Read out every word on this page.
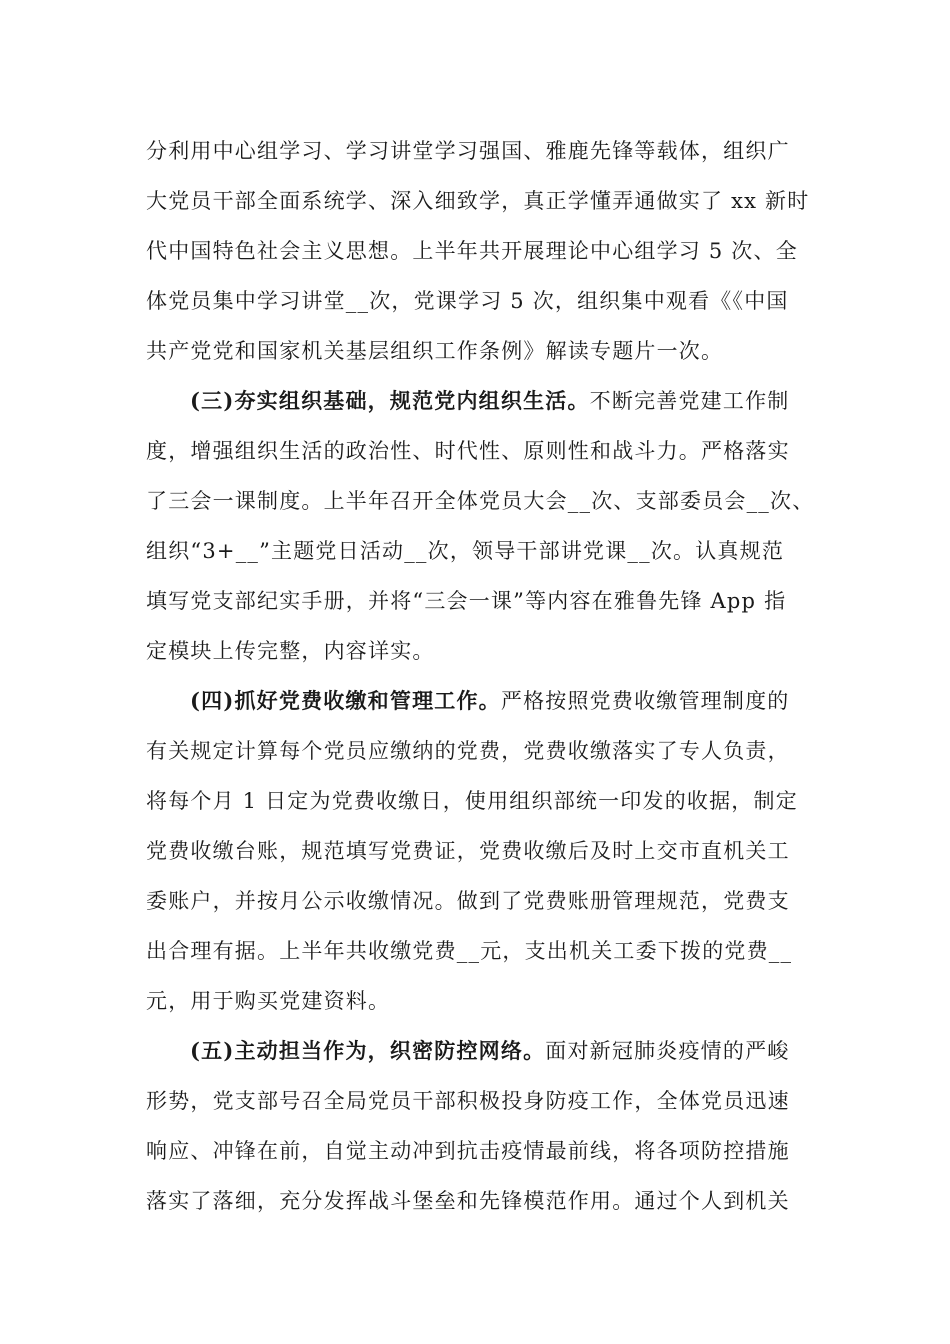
分利用中心组学习、学习讲堂学习强国、雅鹿先锋等载体，组织广
大党员干部全面系统学、深入细致学，真正学懂弄通做实了 xx 新时
代中国特色社会主义思想。上半年共开展理论中心组学习 5 次、全
体党员集中学习讲堂__次，党课学习 5 次，组织集中观看《《中国
共产党党和国家机关基层组织工作条例》解读专题片一次。
(三)夯实组织基础，规范党内组织生活。不断完善党建工作制
度，增强组织生活的政治性、时代性、原则性和战斗力。严格落实
了三会一课制度。上半年召开全体党员大会__次、支部委员会__次、
组织“3+__”主题党日活动__次，领导干部讲党课__次。认真规范
填写党支部纪实手册，并将“三会一课”等内容在雅鲁先锋 App 指
定模块上传完整，内容详实。
(四)抓好党费收缴和管理工作。严格按照党费收缴管理制度的
有关规定计算每个党员应缴纳的党费，党费收缴落实了专人负责，
将每个月 1 日定为党费收缴日，使用组织部统一印发的收据，制定
党费收缴台账，规范填写党费证，党费收缴后及时上交市直机关工
委账户，并按月公示收缴情况。做到了党费账册管理规范，党费支
出合理有据。上半年共收缴党费__元，支出机关工委下拨的党费__
元，用于购买党建资料。
(五)主动担当作为，织密防控网络。面对新冠肺炎疫情的严峻
形势，党支部号召全局党员干部积极投身防疫工作，全体党员迅速
响应、冲锋在前，自觉主动冲到抗击疫情最前线，将各项防控措施
落实了落细，充分发挥战斗堡垒和先锋模范作用。通过个人到机关
